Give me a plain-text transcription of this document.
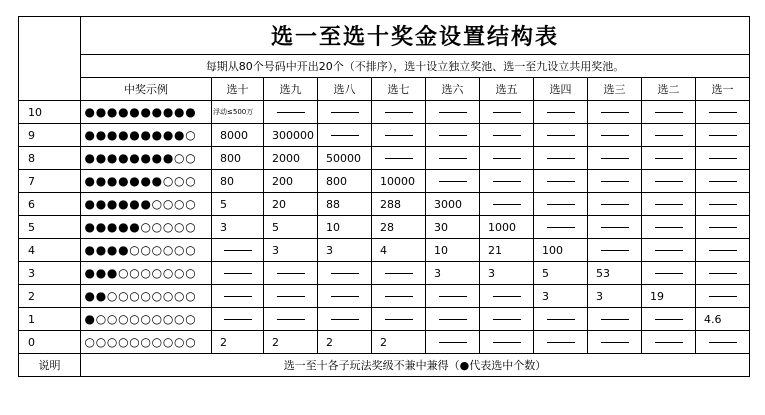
	选一至选十奖金设置结构表										
	每期从80个号码中开出20个（不排序），选十设立独立奖池、选一至九设立共用奖池。										
	中奖示例	选十	选九	选八	选七	选六	选五	选四	选三	选二	选一
10	●●●●●●●●●●	浮动≤500万									
9	●●●●●●●●●○	8000	300000								
8	●●●●●●●●○○	800	2000	50000							
7	●●●●●●●○○○	80	200	800	10000						
6	●●●●●●○○○○	5	20	88	288	3000					
5	●●●●●○○○○○	3	5	10	28	30	1000				
4	●●●●○○○○○○		3	3	4	10	21	100			
3	●●●○○○○○○○					3	3	5	53		
2	●●○○○○○○○○							3	3	19	
1	●○○○○○○○○○										4.6
0	○○○○○○○○○○	2	2	2	2						
说明	选一至十各子玩法奖级不兼中兼得（●代表选中个数）										
